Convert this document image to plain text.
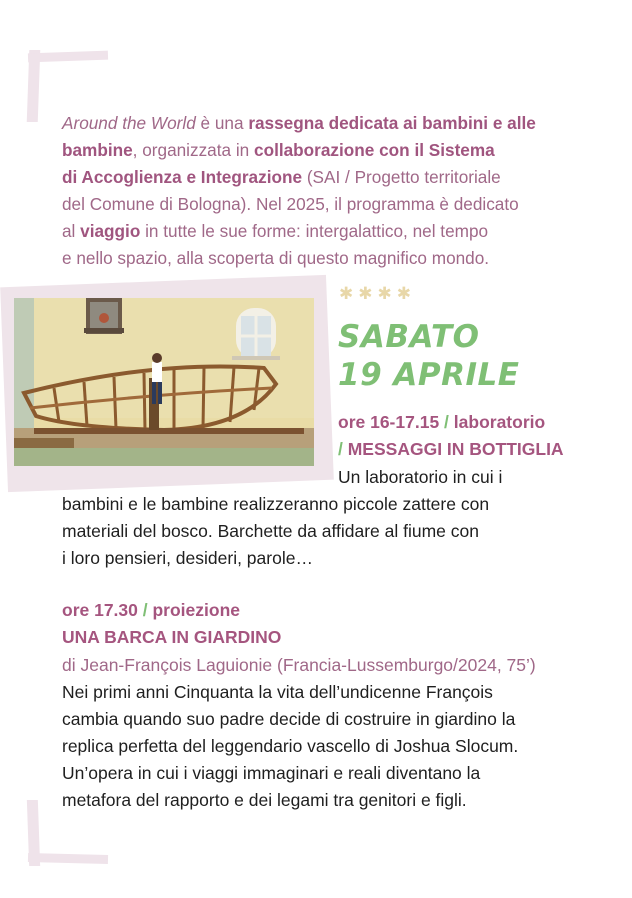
Around the World è una rassegna dedicata ai bambini e alle
bambine, organizzata in collaborazione con il Sistema
di Accoglienza e Integrazione (SAI / Progetto territoriale
del Comune di Bologna). Nel 2025, il programma è dedicato
al viaggio in tutte le sue forme: intergalattico, nel tempo
e nello spazio, alla scoperta di questo magnifico mondo.
✱✱✱✱
SABATO
19 APRILE
ore 16-17.15 / laboratorio
/ MESSAGGI IN BOTTIGLIA
Un laboratorio in cui i
bambini e le bambine realizzeranno piccole zattere con
materiali del bosco. Barchette da affidare al fiume con
i loro pensieri, desideri, parole…
ore 17.30 / proiezione
UNA BARCA IN GIARDINO
di Jean-François Laguionie (Francia-Lussemburgo/2024, 75’)
Nei primi anni Cinquanta la vita dell’undicenne François
cambia quando suo padre decide di costruire in giardino la
replica perfetta del leggendario vascello di Joshua Slocum.
Un’opera in cui i viaggi immaginari e reali diventano la
metafora del rapporto e dei legami tra genitori e figli.
